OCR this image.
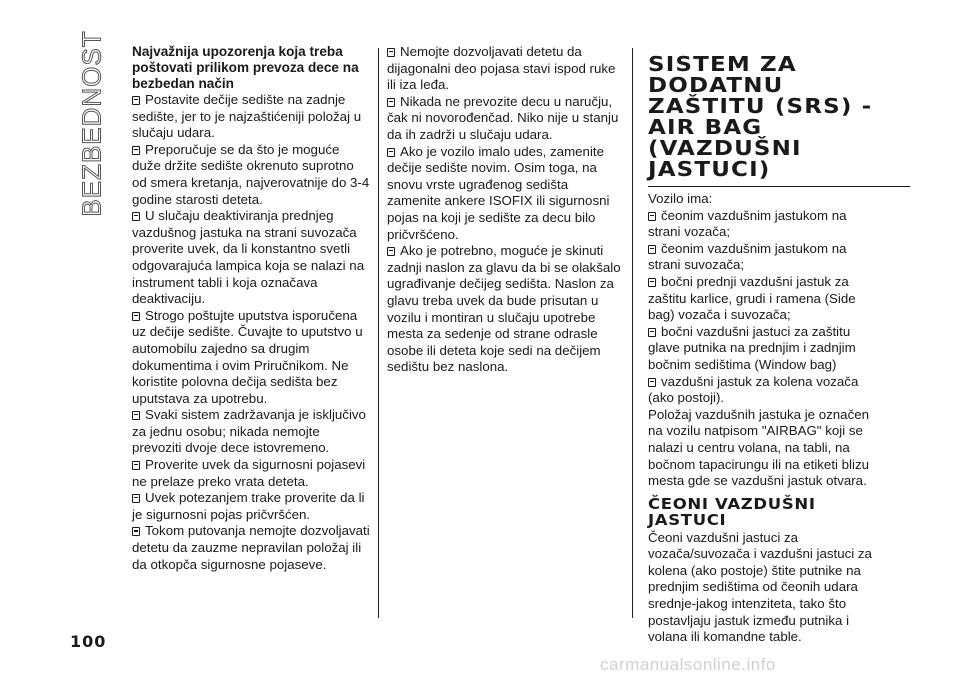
BEZBEDNOST Najvažnija upozorenja koja treba poštovati prilikom prevoza dece na bezbedan način

Postavite dečije sedište na zadnje sedište, jer to je najzaštićeniji položaj u slučaju udara.

Preporučuje se da što je moguće duže držite sedište okrenuto suprotno od smera kretanja, najverovatnije do 3-4 godine starosti deteta.

U slučaju deaktiviranja prednjeg vazdušnog jastuka na strani suvozača proverite uvek, da li konstantno svetli odgovarajuća lampica koja se nalazi na instrument tabli i koja označava deaktivaciju.

Strogo poštujte uputstva isporučena uz dečije sedište. Čuvajte to uputstvo u automobilu zajedno sa drugim dokumentima i ovim Priručnikom. Ne koristite polovna dečija sedišta bez uputstava za upotrebu.

Svaki sistem zadržavanja je isključivo za jednu osobu; nikada nemojte prevoziti dvoje dece istovremeno.

Proverite uvek da sigurnosni pojasevi ne prelaze preko vrata deteta.

Uvek potezanjem trake proverite da li je sigurnosni pojas pričvršćen.

Tokom putovanja nemojte dozvoljavati detetu da zauzme nepravilan položaj ili da otkopča sigurnosne pojaseve.

Nemojte dozvoljavati detetu da dijagonalni deo pojasa stavi ispod ruke ili iza leđa.

Nikada ne prevozite decu u naručju, čak ni novorođenčad. Niko nije u stanju da ih zadrži u slučaju udara.

Ako je vozilo imalo udes, zamenite dečije sedište novim. Osim toga, na snovu vrste ugrađenog sedišta zamenite ankere ISOFIX ili sigurnosni pojas na koji je sedište za decu bilo pričvršćeno.

Ako je potrebno, moguće je skinuti zadnji naslon za glavu da bi se olakšalo ugrađivanje dečijeg sedišta. Naslon za glavu treba uvek da bude prisutan u vozilu i montiran u slučaju upotrebe mesta za sedenje od strane odrasle osobe ili deteta koje sedi na dečijem sedištu bez naslona.

SISTEM ZA DODATNU ZAŠTITU (SRS) - AIR BAG (VAZDUŠNI JASTUCI)

Vozilo ima:

čeonim vazdušnim jastukom na strani vozača;

čeonim vazdušnim jastukom na strani suvozača;

bočni prednji vazdušni jastuk za zaštitu karlice, grudi i ramena (Side bag) vozača i suvozača;

bočni vazdušni jastuci za zaštitu glave putnika na prednjim i zadnjim bočnim sedištima (Window bag)

vazdušni jastuk za kolena vozača (ako postoji).

Položaj vazdušnih jastuka je označen na vozilu natpisom "AIRBAG" koji se nalazi u centru volana, na tabli, na bočnom tapacirungu ili na etiketi blizu mesta gde se vazdušni jastuk otvara.

ČEONI VAZDUŠNI JASTUCI

Čeoni vazdušni jastuci za vozača/suvozača i vazdušni jastuci za kolena (ako postoje) štite putnike na prednjim sedištima od čeonih udara srednje-jakog intenziteta, tako što postavljaju jastuk između putnika i volana ili komandne table.

100
carmanualsonline.info
